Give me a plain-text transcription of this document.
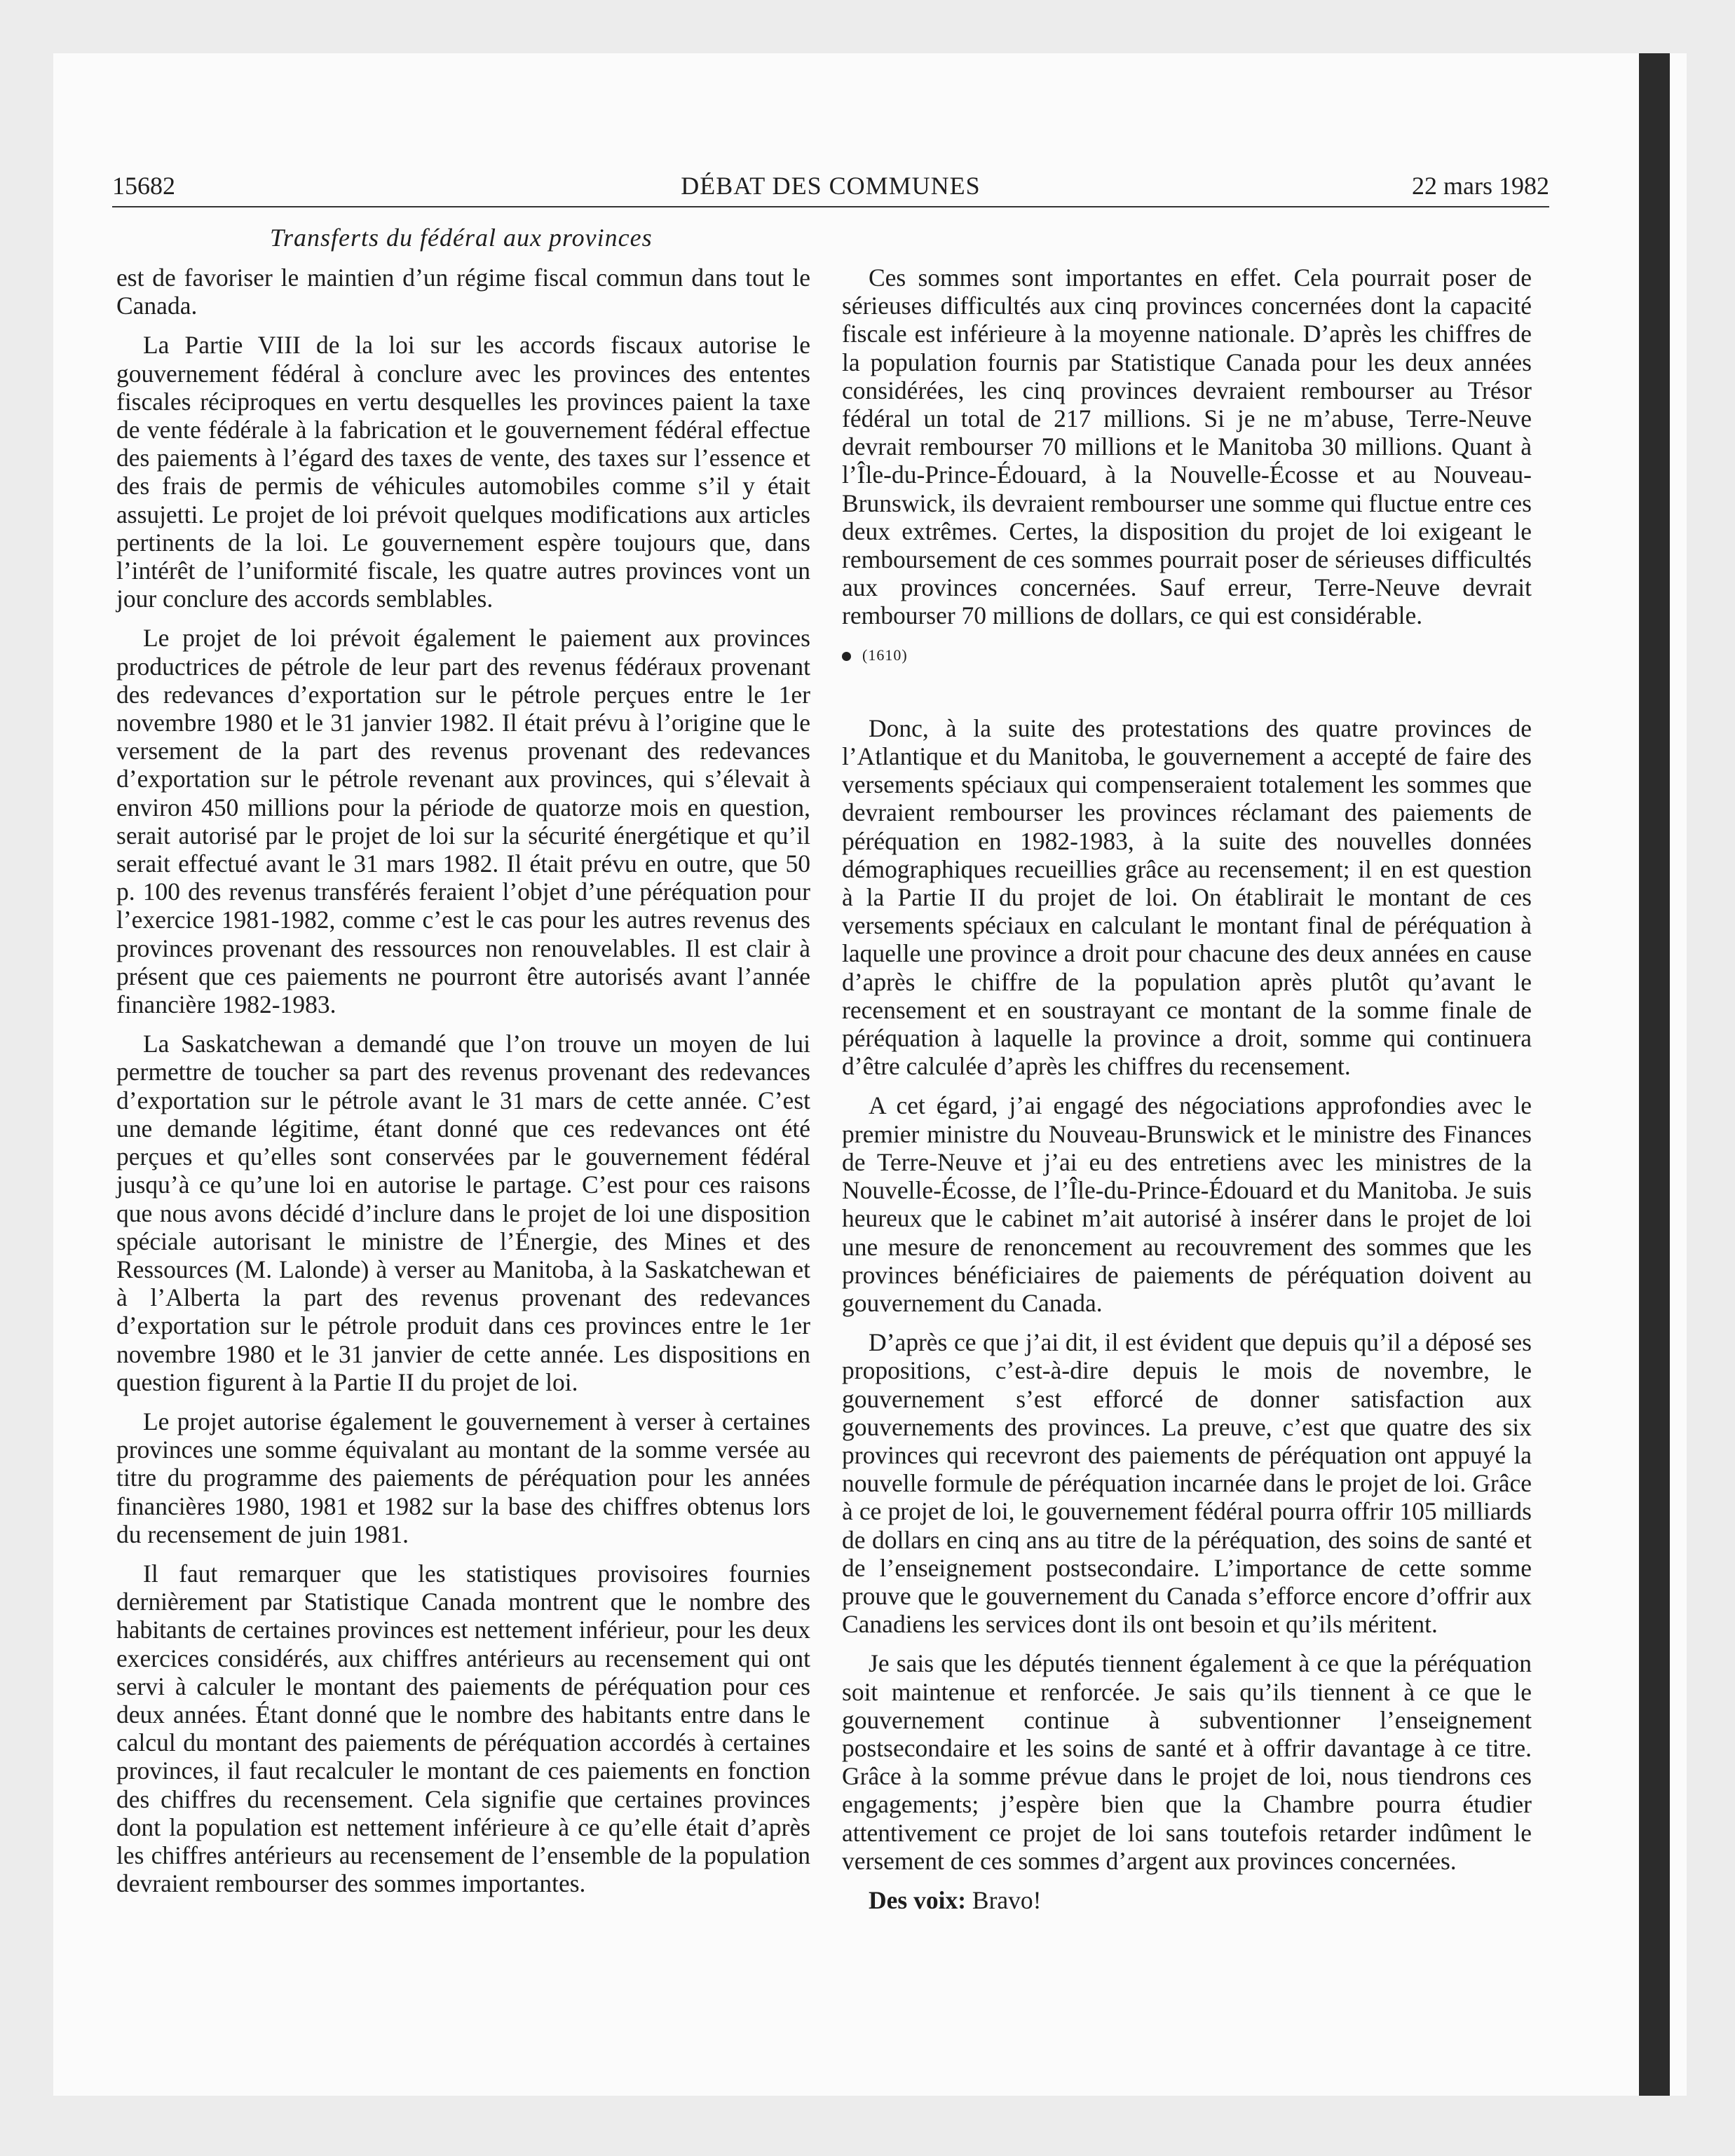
15682	DÉBAT DES COMMUNES	22 mars 1982
Transferts du fédéral aux provinces

est de favoriser le maintien d’un régime fiscal commun dans tout le Canada.

La Partie VIII de la loi sur les accords fiscaux autorise le gouvernement fédéral à conclure avec les provinces des ententes fiscales réciproques en vertu desquelles les provinces paient la taxe de vente fédérale à la fabrication et le gouvernement fédéral effectue des paiements à l’égard des taxes de vente, des taxes sur l’essence et des frais de permis de véhicules automobiles comme s’il y était assujetti. Le projet de loi prévoit quelques modifications aux articles pertinents de la loi. Le gouvernement espère toujours que, dans l’intérêt de l’uniformité fiscale, les quatre autres provinces vont un jour conclure des accords semblables.

Le projet de loi prévoit également le paiement aux provinces productrices de pétrole de leur part des revenus fédéraux provenant des redevances d’exportation sur le pétrole perçues entre le 1er novembre 1980 et le 31 janvier 1982. Il était prévu à l’origine que le versement de la part des revenus provenant des redevances d’exportation sur le pétrole revenant aux provinces, qui s’élevait à environ 450 millions pour la période de quatorze mois en question, serait autorisé par le projet de loi sur la sécurité énergétique et qu’il serait effectué avant le 31 mars 1982. Il était prévu en outre, que 50 p. 100 des revenus transférés feraient l’objet d’une péréquation pour l’exercice 1981-1982, comme c’est le cas pour les autres revenus des provinces provenant des ressources non renouvelables. Il est clair à présent que ces paiements ne pourront être autorisés avant l’année financière 1982-1983.

La Saskatchewan a demandé que l’on trouve un moyen de lui permettre de toucher sa part des revenus provenant des redevances d’exportation sur le pétrole avant le 31 mars de cette année. C’est une demande légitime, étant donné que ces redevances ont été perçues et qu’elles sont conservées par le gouvernement fédéral jusqu’à ce qu’une loi en autorise le partage. C’est pour ces raisons que nous avons décidé d’inclure dans le projet de loi une disposition spéciale autorisant le ministre de l’Énergie, des Mines et des Ressources (M. Lalonde) à verser au Manitoba, à la Saskatchewan et à l’Alberta la part des revenus provenant des redevances d’exportation sur le pétrole produit dans ces provinces entre le 1er novembre 1980 et le 31 janvier de cette année. Les dispositions en question figurent à la Partie II du projet de loi.

Le projet autorise également le gouvernement à verser à certaines provinces une somme équivalant au montant de la somme versée au titre du programme des paiements de péréquation pour les années financières 1980, 1981 et 1982 sur la base des chiffres obtenus lors du recensement de juin 1981.

Il faut remarquer que les statistiques provisoires fournies dernièrement par Statistique Canada montrent que le nombre des habitants de certaines provinces est nettement inférieur, pour les deux exercices considérés, aux chiffres antérieurs au recensement qui ont servi à calculer le montant des paiements de péréquation pour ces deux années. Étant donné que le nombre des habitants entre dans le calcul du montant des paiements de péréquation accordés à certaines provinces, il faut recalculer le montant de ces paiements en fonction des chiffres du recensement. Cela signifie que certaines provinces dont la population est nettement inférieure à ce qu’elle était d’après les chiffres antérieurs au recensement de l’ensemble de la population devraient rembourser des sommes importantes.

Ces sommes sont importantes en effet. Cela pourrait poser de sérieuses difficultés aux cinq provinces concernées dont la capacité fiscale est inférieure à la moyenne nationale. D’après les chiffres de la population fournis par Statistique Canada pour les deux années considérées, les cinq provinces devraient rembourser au Trésor fédéral un total de 217 millions. Si je ne m’abuse, Terre-Neuve devrait rembourser 70 millions et le Manitoba 30 millions. Quant à l’Île-du-Prince-Édouard, à la Nouvelle-Écosse et au Nouveau-Brunswick, ils devraient rembourser une somme qui fluctue entre ces deux extrêmes. Certes, la disposition du projet de loi exigeant le remboursement de ces sommes pourrait poser de sérieuses difficultés aux provinces concernées. Sauf erreur, Terre-Neuve devrait rembourser 70 millions de dollars, ce qui est considérable.

(1610)

Donc, à la suite des protestations des quatre provinces de l’Atlantique et du Manitoba, le gouvernement a accepté de faire des versements spéciaux qui compenseraient totalement les sommes que devraient rembourser les provinces réclamant des paiements de péréquation en 1982-1983, à la suite des nouvelles données démographiques recueillies grâce au recensement; il en est question à la Partie II du projet de loi. On établirait le montant de ces versements spéciaux en calculant le montant final de péréquation à laquelle une province a droit pour chacune des deux années en cause d’après le chiffre de la population après plutôt qu’avant le recensement et en soustrayant ce montant de la somme finale de péréquation à laquelle la province a droit, somme qui continuera d’être calculée d’après les chiffres du recensement.

A cet égard, j’ai engagé des négociations approfondies avec le premier ministre du Nouveau-Brunswick et le ministre des Finances de Terre-Neuve et j’ai eu des entretiens avec les ministres de la Nouvelle-Écosse, de l’Île-du-Prince-Édouard et du Manitoba. Je suis heureux que le cabinet m’ait autorisé à insérer dans le projet de loi une mesure de renoncement au recouvrement des sommes que les provinces bénéficiaires de paiements de péréquation doivent au gouvernement du Canada.

D’après ce que j’ai dit, il est évident que depuis qu’il a déposé ses propositions, c’est-à-dire depuis le mois de novembre, le gouvernement s’est efforcé de donner satisfaction aux gouvernements des provinces. La preuve, c’est que quatre des six provinces qui recevront des paiements de péréquation ont appuyé la nouvelle formule de péréquation incarnée dans le projet de loi. Grâce à ce projet de loi, le gouvernement fédéral pourra offrir 105 milliards de dollars en cinq ans au titre de la péréquation, des soins de santé et de l’enseignement postsecondaire. L’importance de cette somme prouve que le gouvernement du Canada s’efforce encore d’offrir aux Canadiens les services dont ils ont besoin et qu’ils méritent.

Je sais que les députés tiennent également à ce que la péréquation soit maintenue et renforcée. Je sais qu’ils tiennent à ce que le gouvernement continue à subventionner l’enseignement postsecondaire et les soins de santé et à offrir davantage à ce titre. Grâce à la somme prévue dans le projet de loi, nous tiendrons ces engagements; j’espère bien que la Chambre pourra étudier attentivement ce projet de loi sans toutefois retarder indûment le versement de ces sommes d’argent aux provinces concernées.

Des voix: Bravo!
